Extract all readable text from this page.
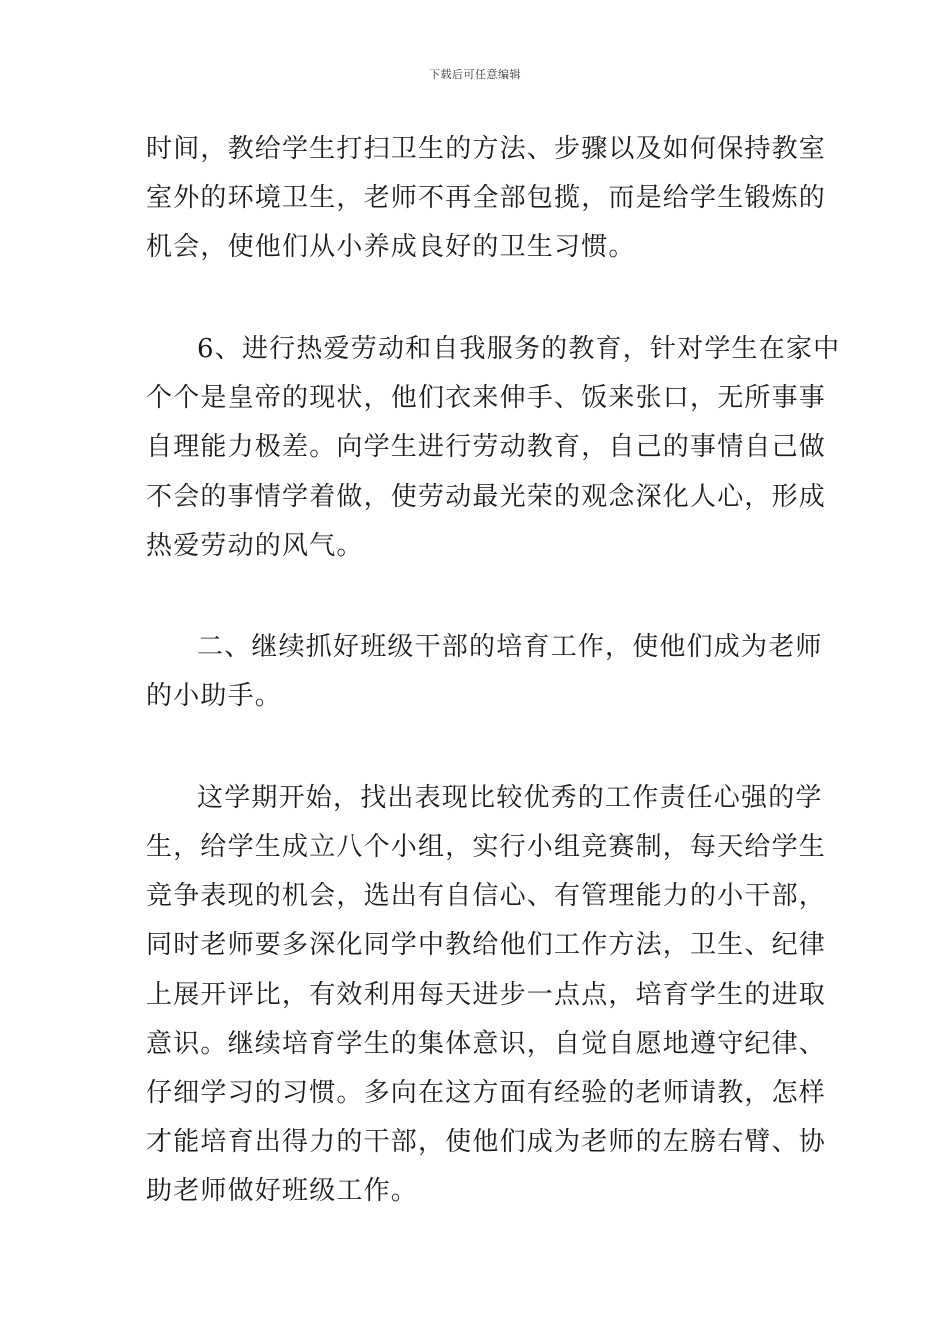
下载后可任意编辑
时间，教给学生打扫卫生的方法、步骤以及如何保持教室
室外的环境卫生，老师不再全部包揽，而是给学生锻炼的
机会，使他们从小养成良好的卫生习惯。
6、进行热爱劳动和自我服务的教育，针对学生在家中
个个是皇帝的现状，他们衣来伸手、饭来张口，无所事事
自理能力极差。向学生进行劳动教育，自己的事情自己做
不会的事情学着做，使劳动最光荣的观念深化人心，形成
热爱劳动的风气。
二、继续抓好班级干部的培育工作，使他们成为老师
的小助手。
这学期开始，找出表现比较优秀的工作责任心强的学
生，给学生成立八个小组，实行小组竞赛制，每天给学生
竞争表现的机会，选出有自信心、有管理能力的小干部，
同时老师要多深化同学中教给他们工作方法，卫生、纪律
上展开评比，有效利用每天进步一点点，培育学生的进取
意识。继续培育学生的集体意识，自觉自愿地遵守纪律、
仔细学习的习惯。多向在这方面有经验的老师请教，怎样
才能培育出得力的干部，使他们成为老师的左膀右臂、协
助老师做好班级工作。
